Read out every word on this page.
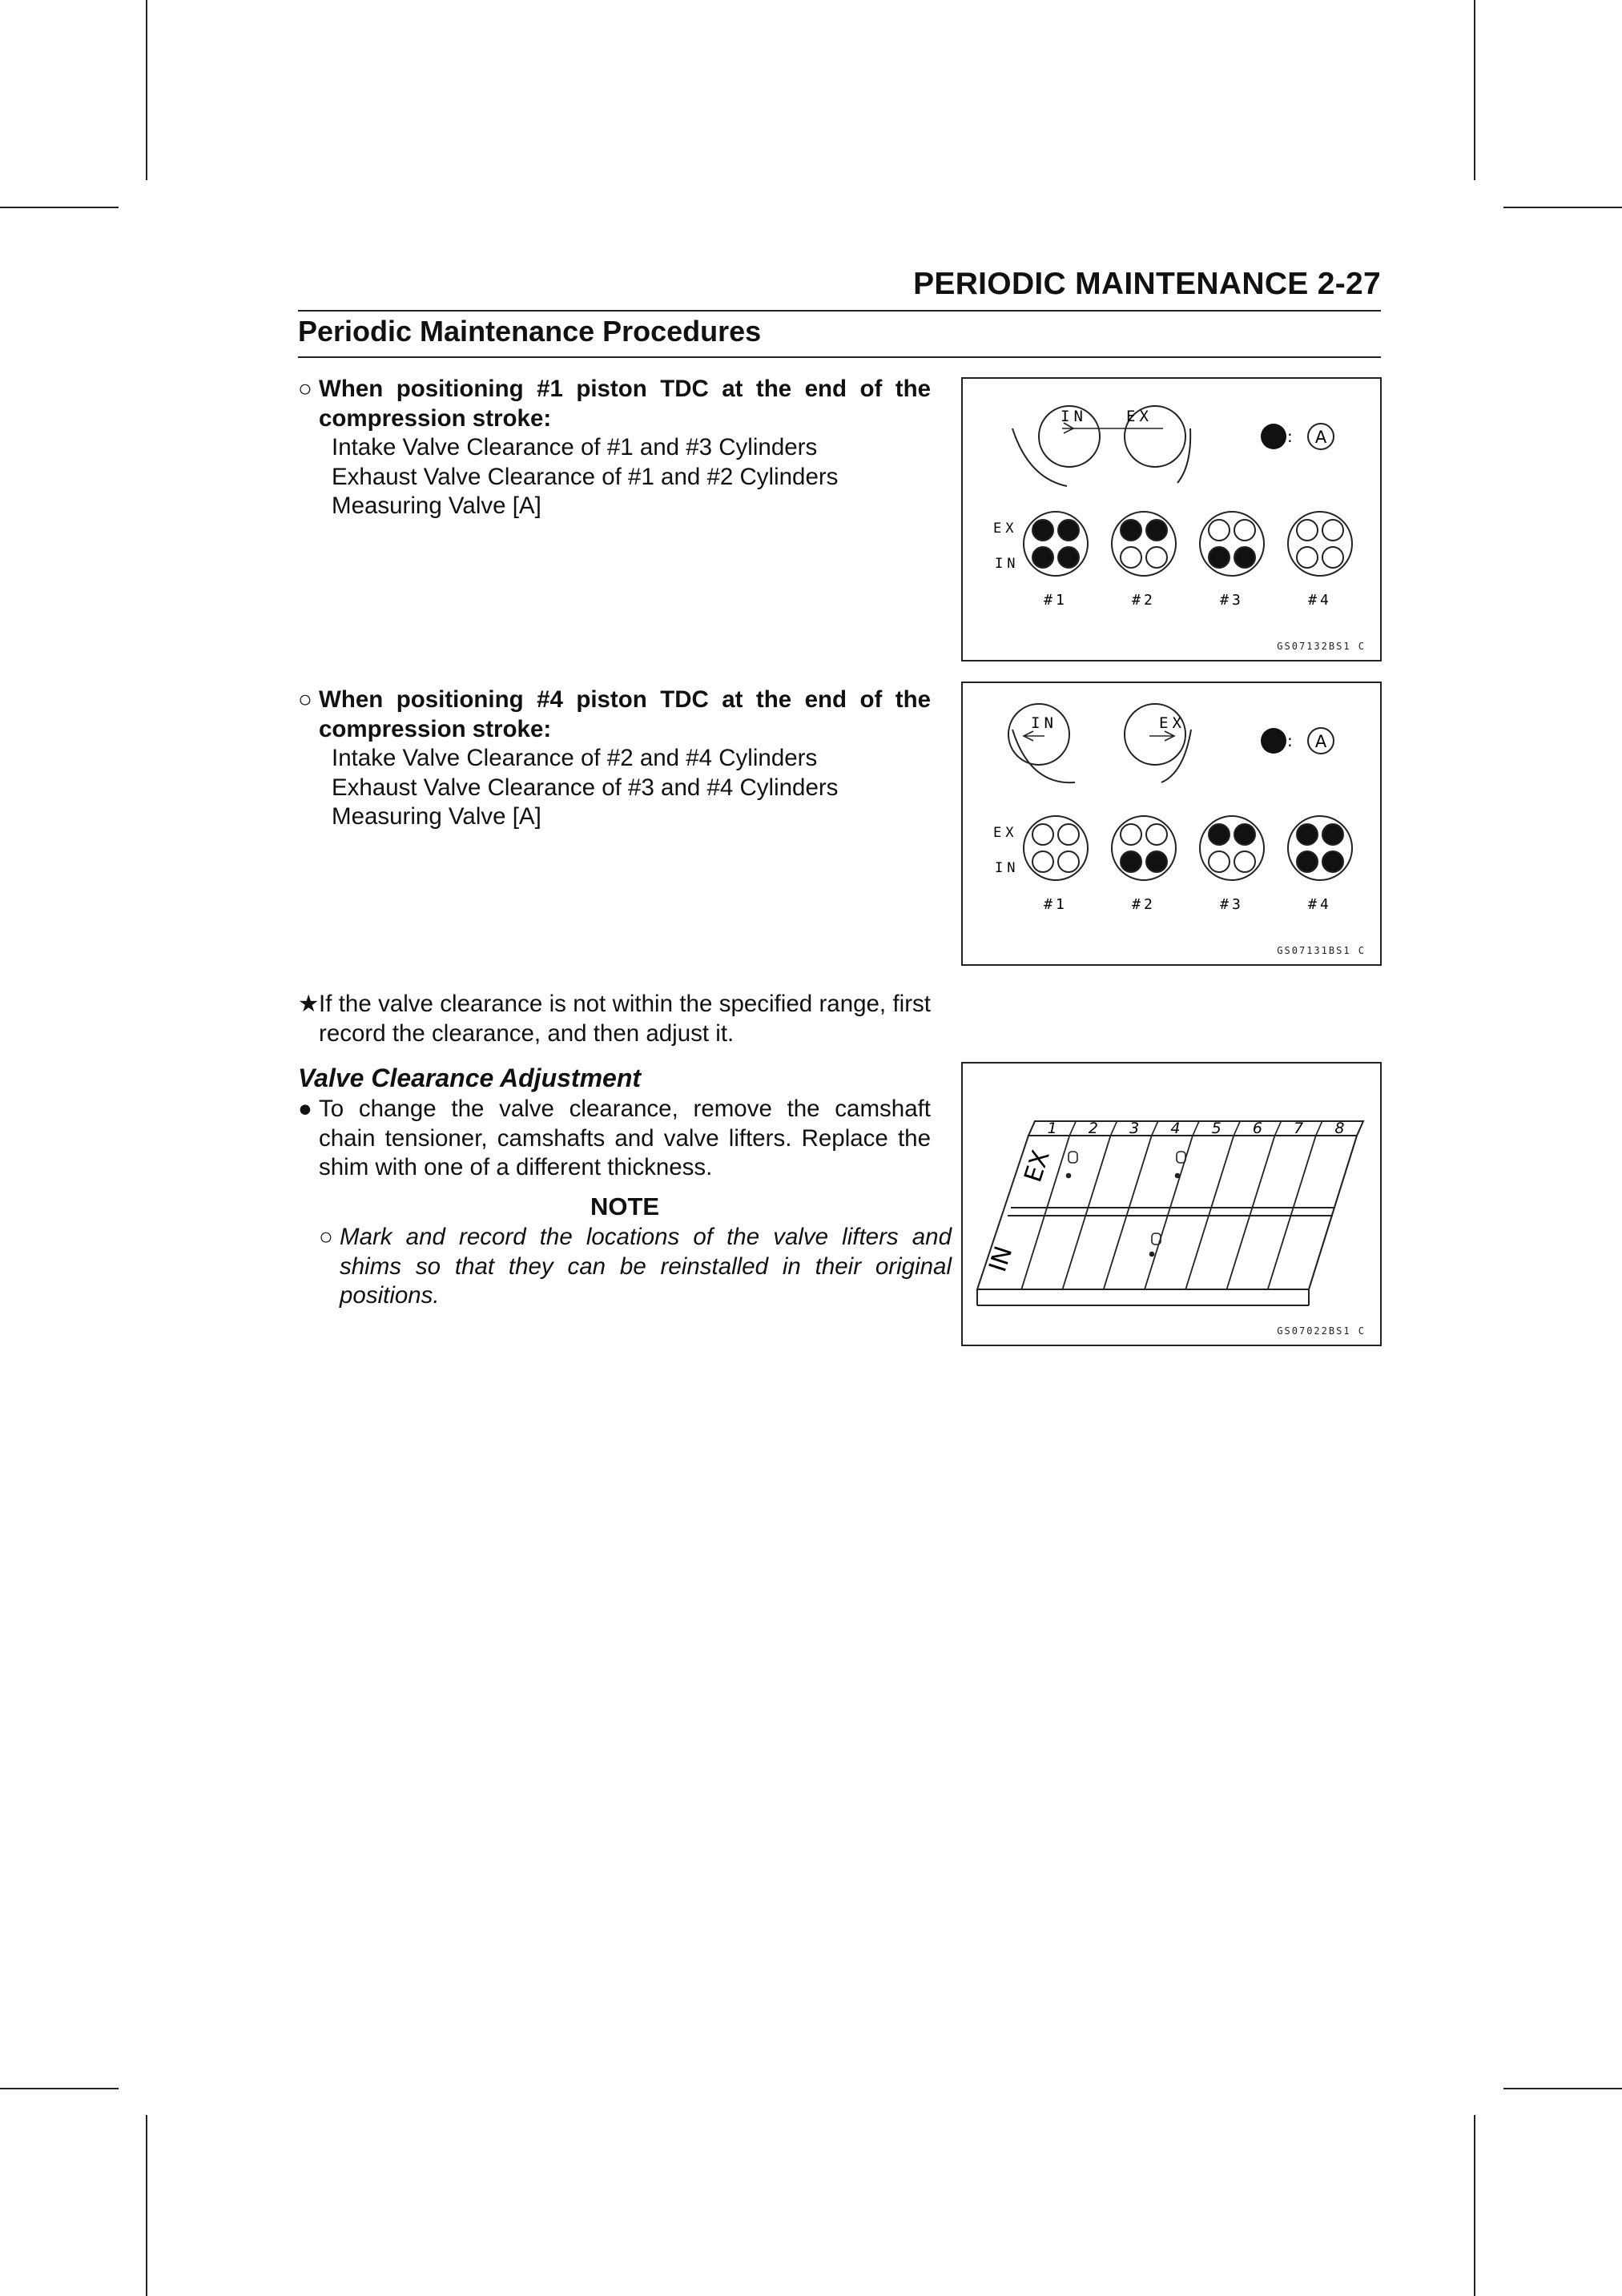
PERIODIC MAINTENANCE 2-27
Periodic Maintenance Procedures
○ When positioning #1 piston TDC at the end of the compression stroke:
Intake Valve Clearance of #1 and #3 Cylinders
Exhaust Valve Clearance of #1 and #2 Cylinders
Measuring Valve [A]
○ When positioning #4 piston TDC at the end of the compression stroke:
Intake Valve Clearance of #2 and #4 Cylinders
Exhaust Valve Clearance of #3 and #4 Cylinders
Measuring Valve [A]
★If the valve clearance is not within the specified range, first record the clearance, and then adjust it.
Valve Clearance Adjustment
● To change the valve clearance, remove the camshaft chain tensioner, camshafts and valve lifters. Replace the shim with one of a different thickness.
NOTE
○ Mark and record the locations of the valve lifters and shims so that they can be reinstalled in their original positions.
IN	EX
: A
EX
IN
#1	#2	#3	#4
GS07132BS1 C
IN	EX
: A
EX
IN
#1	#2	#3	#4
GS07131BS1 C
1 2 3 4 5 6 7 8
EX
IN
GS07022BS1 C
